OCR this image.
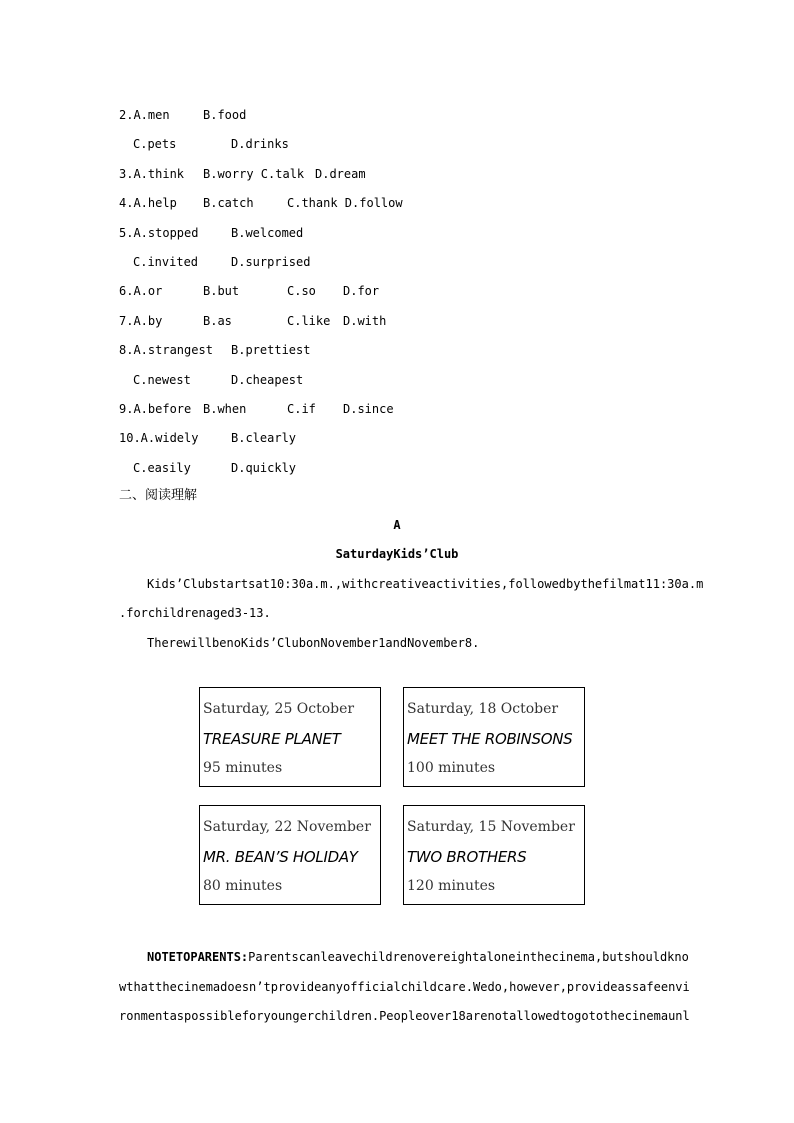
2.A.men	B.food
C.pets	D.drinks
3.A.think B.worry C.talk D.dream
4.A.help B.catch	C.thank D.follow
5.A.stopped	B.welcomed
C.invited	D.surprised
6.A.or	B.but	C.so D.for
7.A.by	B.as	C.like D.with
8.A.strangest B.prettiest
C.newest	D.cheapest
9.A.before B.when	C.if D.since
10.A.widely	B.clearly
C.easily	D.quickly
二、阅读理解
A
SaturdayKids’Club
Kids’Clubstartsat10:30a.m.,withcreativeactivities,followedbythefilmat11:30a.m
.forchildrenaged3-13.
TherewillbenoKids’ClubonNovember1andNovember8.
Saturday, 25 October
TREASURE PLANET
95 minutes
Saturday, 18 October
MEET THE ROBINSONS
100 minutes
Saturday, 22 November
MR. BEAN’S HOLIDAY
80 minutes
Saturday, 15 November
TWO BROTHERS
120 minutes
NOTETOPARENTS:Parentscanleavechildrenovereightaloneinthecinema,butshouldkno
wthatthecinemadoesn’tprovideanyofficialchildcare.Wedo,however,provideassafeenvi
ronmentaspossibleforyoungerchildren.Peopleover18arenotallowedtogotothecinemaunl
